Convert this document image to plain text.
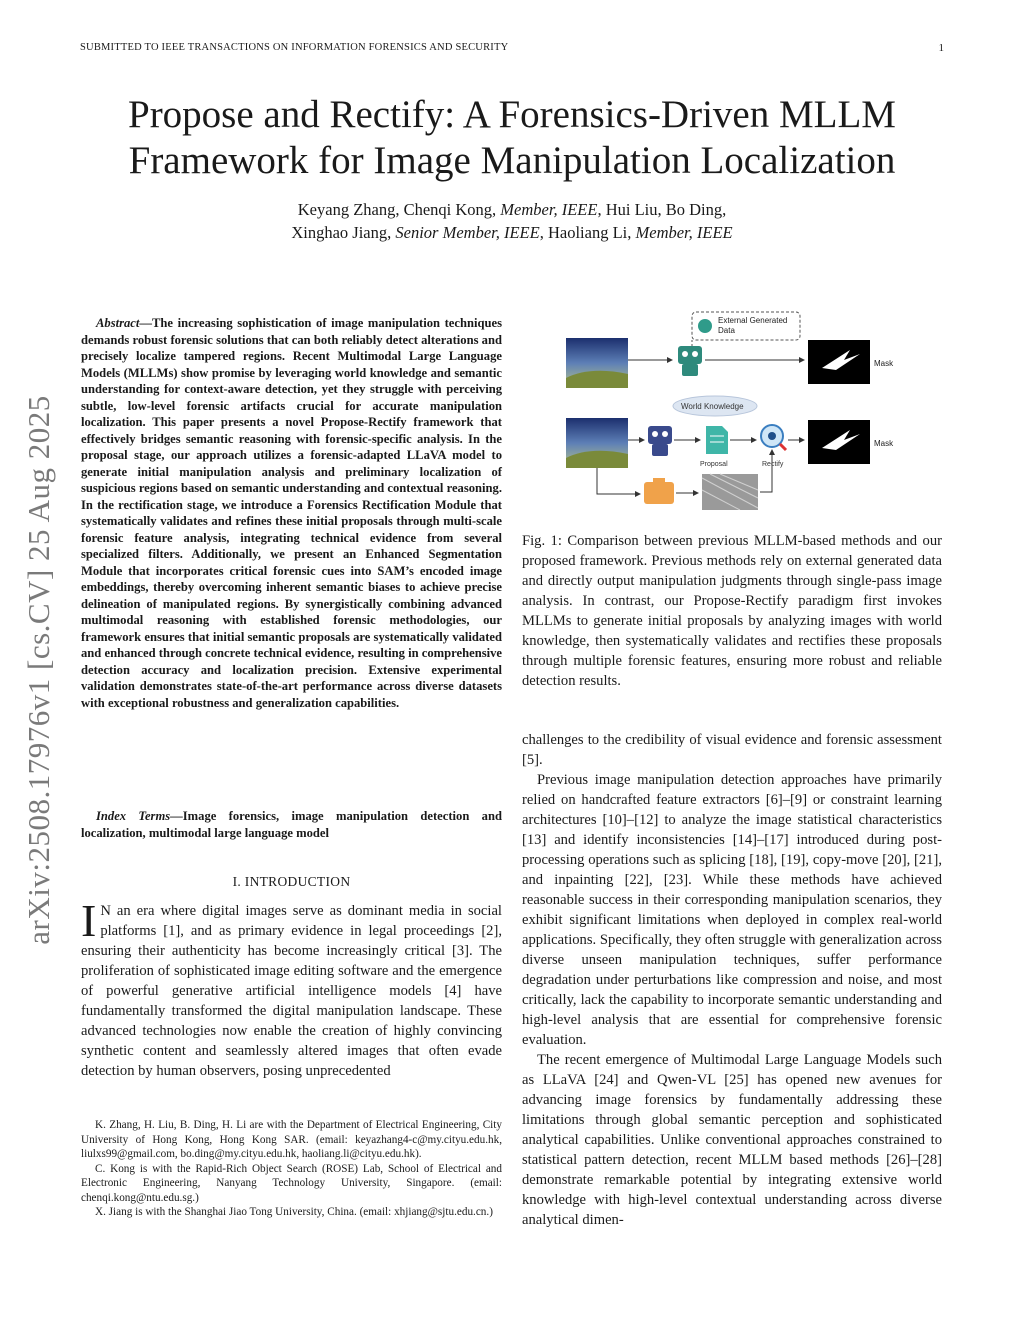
SUBMITTED TO IEEE TRANSACTIONS ON INFORMATION FORENSICS AND SECURITY	1
Propose and Rectify: A Forensics-Driven MLLM
Framework for Image Manipulation Localization
Keyang Zhang, Chenqi Kong, Member, IEEE, Hui Liu, Bo Ding,
Xinghao Jiang, Senior Member, IEEE, Haoliang Li, Member, IEEE
arXiv:2508.17976v1 [cs.CV] 25 Aug 2025
Abstract—The increasing sophistication of image manipulation techniques demands robust forensic solutions that can both reliably detect alterations and precisely localize tampered regions. Recent Multimodal Large Language Models (MLLMs) show promise by leveraging world knowledge and semantic understanding for context-aware detection, yet they struggle with perceiving subtle, low-level forensic artifacts crucial for accurate manipulation localization. This paper presents a novel Propose-Rectify framework that effectively bridges semantic reasoning with forensic-specific analysis. In the proposal stage, our approach utilizes a forensic-adapted LLaVA model to generate initial manipulation analysis and preliminary localization of suspicious regions based on semantic understanding and contextual reasoning. In the rectification stage, we introduce a Forensics Rectification Module that systematically validates and refines these initial proposals through multi-scale forensic feature analysis, integrating technical evidence from several specialized filters. Additionally, we present an Enhanced Segmentation Module that incorporates critical forensic cues into SAM’s encoded image embeddings, thereby overcoming inherent semantic biases to achieve precise delineation of manipulated regions. By synergistically combining advanced multimodal reasoning with established forensic methodologies, our framework ensures that initial semantic proposals are systematically validated and enhanced through concrete technical evidence, resulting in comprehensive detection accuracy and localization precision. Extensive experimental validation demonstrates state-of-the-art performance across diverse datasets with exceptional robustness and generalization capabilities.
Index Terms—Image forensics, image manipulation detection and localization, multimodal large language model
I. INTRODUCTION
I N an era where digital images serve as dominant media in social platforms [1], and as primary evidence in legal proceedings [2], ensuring their authenticity has become increasingly critical [3]. The proliferation of sophisticated image editing software and the emergence of powerful generative artificial intelligence models [4] have fundamentally transformed the digital manipulation landscape. These advanced technologies now enable the creation of highly convincing synthetic content and seamlessly altered images that often evade detection by human observers, posing unprecedented

K. Zhang, H. Liu, B. Ding, H. Li are with the Department of Electrical Engineering, City University of Hong Kong, Hong Kong SAR. (email: keyazhang4-c@my.cityu.edu.hk, liulxs99@gmail.com, bo.ding@my.cityu.edu.hk, haoliang.li@cityu.edu.hk).

C. Kong is with the Rapid-Rich Object Search (ROSE) Lab, School of Electrical and Electronic Engineering, Nanyang Technology University, Singapore. (email: chenqi.kong@ntu.edu.sg.)

X. Jiang is with the Shanghai Jiao Tong University, China. (email: xhjiang@sjtu.edu.cn.)

External Generated
Data
Mask
World Knowledge
Proposal	Rectify
Mask
Fig. 1: Comparison between previous MLLM-based methods and our proposed framework. Previous methods rely on external generated data and directly output manipulation judgments through single-pass image analysis. In contrast, our Propose-Rectify paradigm first invokes MLLMs to generate initial proposals by analyzing images with world knowledge, then systematically validates and rectifies these proposals through multiple forensic features, ensuring more robust and reliable detection results.

challenges to the credibility of visual evidence and forensic assessment [5].

Previous image manipulation detection approaches have primarily relied on handcrafted feature extractors [6]–[9] or constraint learning architectures [10]–[12] to analyze the image statistical characteristics [13] and identify inconsistencies [14]–[17] introduced during post-processing operations such as splicing [18], [19], copy-move [20], [21], and inpainting [22], [23]. While these methods have achieved reasonable success in their corresponding manipulation scenarios, they exhibit significant limitations when deployed in complex real-world applications. Specifically, they often struggle with generalization across diverse unseen manipulation techniques, suffer performance degradation under perturbations like compression and noise, and most critically, lack the capability to incorporate semantic understanding and high-level analysis that are essential for comprehensive forensic evaluation.

The recent emergence of Multimodal Large Language Models such as LLaVA [24] and Qwen-VL [25] has opened new avenues for advancing image forensics by fundamentally addressing these limitations through global semantic perception and sophisticated analytical capabilities. Unlike conventional approaches constrained to statistical pattern detection, recent MLLM based methods [26]–[28] demonstrate remarkable potential by integrating extensive world knowledge with high-level contextual understanding across diverse analytical dimen-
